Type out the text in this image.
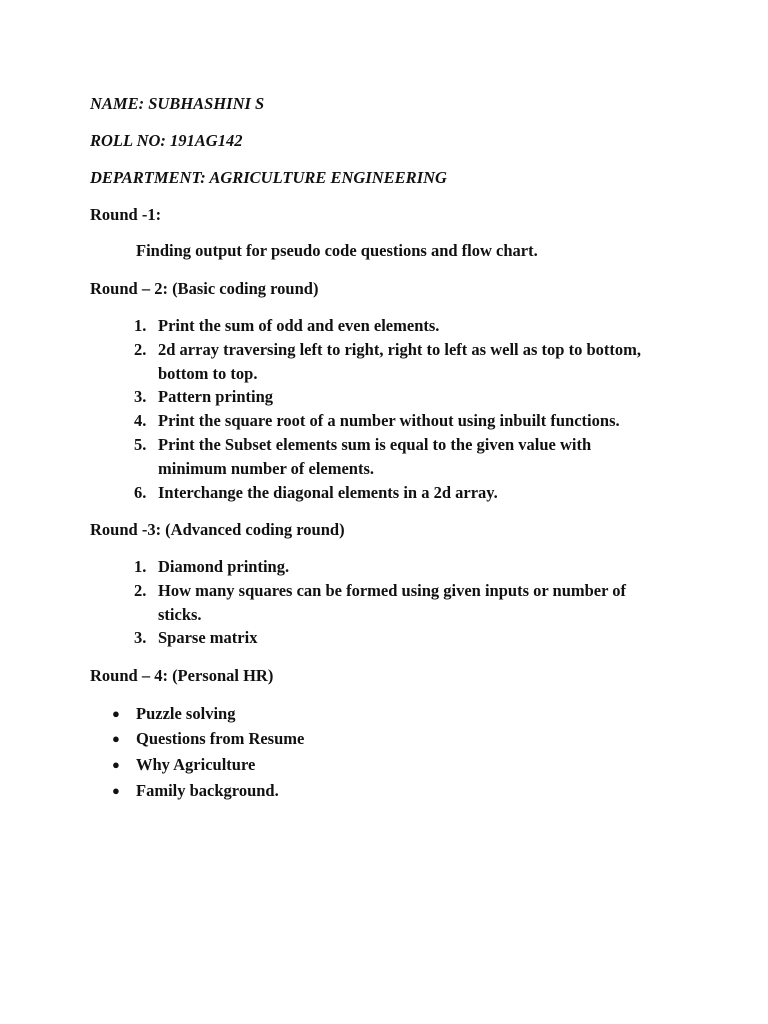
NAME: SUBHASHINI S
ROLL NO: 191AG142
DEPARTMENT: AGRICULTURE ENGINEERING
Round -1:
Finding output for pseudo code questions and flow chart.
Round – 2: (Basic coding round)
1. Print the sum of odd and even elements.
2. 2d array traversing left to right, right to left as well as top to bottom, bottom to top.
3. Pattern printing
4. Print the square root of a number without using inbuilt functions.
5. Print the Subset elements sum is equal to the given value with minimum number of elements.
6. Interchange the diagonal elements in a 2d array.
Round -3: (Advanced coding round)
1. Diamond printing.
2. How many squares can be formed using given inputs or number of sticks.
3. Sparse matrix
Round – 4: (Personal HR)
● Puzzle solving
● Questions from Resume
● Why Agriculture
● Family background.
